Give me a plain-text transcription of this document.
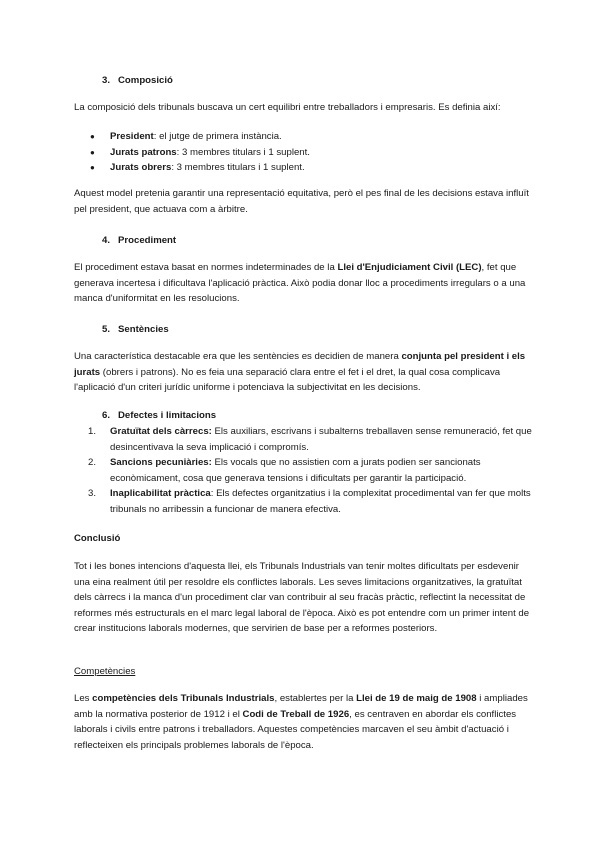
3. Composició

La composició dels tribunals buscava un cert equilibri entre treballadors i empresaris. Es definia així:

● President: el jutge de primera instància.
● Jurats patrons: 3 membres titulars i 1 suplent.
● Jurats obrers: 3 membres titulars i 1 suplent.

Aquest model pretenia garantir una representació equitativa, però el pes final de les decisions estava influït pel president, que actuava com a àrbitre.

4. Procediment

El procediment estava basat en normes indeterminades de la Llei d'Enjudiciament Civil (LEC), fet que generava incertesa i dificultava l'aplicació pràctica. Això podia donar lloc a procediments irregulars o a una manca d'uniformitat en les resolucions.

5. Sentències

Una característica destacable era que les sentències es decidien de manera conjunta pel president i els jurats (obrers i patrons). No es feia una separació clara entre el fet i el dret, la qual cosa complicava l'aplicació d'un criteri jurídic uniforme i potenciava la subjectivitat en les decisions.

6. Defectes i limitacions
1. Gratuïtat dels càrrecs: Els auxiliars, escrivans i subalterns treballaven sense remuneració, fet que desincentivava la seva implicació i compromís.
2. Sancions pecuniàries: Els vocals que no assistien com a jurats podien ser sancionats econòmicament, cosa que generava tensions i dificultats per garantir la participació.
3. Inaplicabilitat pràctica: Els defectes organitzatius i la complexitat procedimental van fer que molts tribunals no arribessin a funcionar de manera efectiva.
Conclusió

Tot i les bones intencions d'aquesta llei, els Tribunals Industrials van tenir moltes dificultats per esdevenir una eina realment útil per resoldre els conflictes laborals. Les seves limitacions organitzatives, la gratuïtat dels càrrecs i la manca d'un procediment clar van contribuir al seu fracàs pràctic, reflectint la necessitat de reformes més estructurals en el marc legal laboral de l'època. Això es pot entendre com un primer intent de crear institucions laborals modernes, que servirien de base per a reformes posteriors.

Competències

Les competències dels Tribunals Industrials, establertes per la Llei de 19 de maig de 1908 i ampliades amb la normativa posterior de 1912 i el Codi de Treball de 1926, es centraven en abordar els conflictes laborals i civils entre patrons i treballadors. Aquestes competències marcaven el seu àmbit d'actuació i reflecteixen els principals problemes laborals de l'època.
